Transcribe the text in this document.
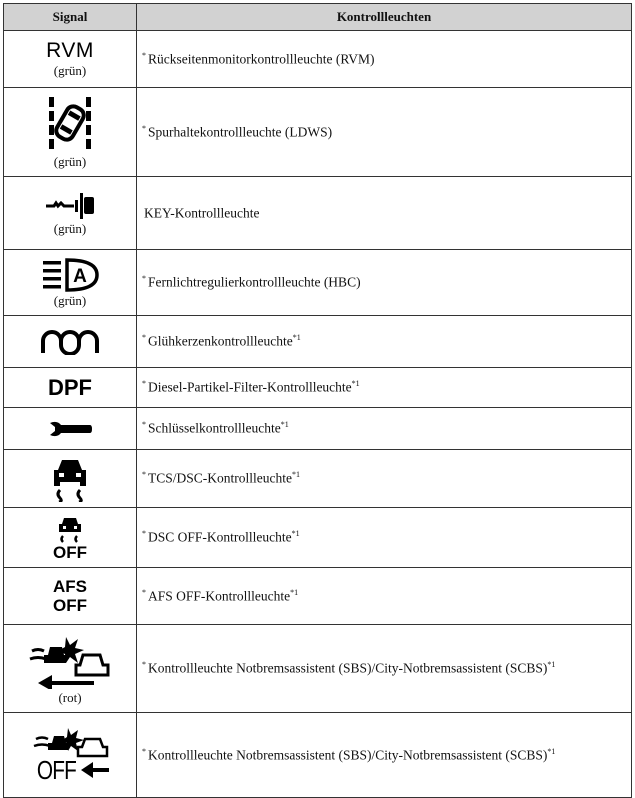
Signal	Kontrollleuchten

RVM
(grün)	* Rückseitenmonitorkontrollleuchte (RVM)

(grün)	* Spurhaltekontrollleuchte (LDWS)

(grün)	KEY-Kontrollleuchte

A
(grün)	* Fernlichtregulierkontrollleuchte (HBC)

	* Glühkerzenkontrollleuchte$^{*1}$

DPF	* Diesel-Partikel-Filter-Kontrollleuchte$^{*1}$

	* Schlüsselkontrollleuchte$^{*1}$

	* TCS/DSC-Kontrollleuchte$^{*1}$

OFF	* DSC OFF-Kontrollleuchte$^{*1}$

AFS
OFF	* AFS OFF-Kontrollleuchte$^{*1}$

(rot)	* Kontrollleuchte Notbremsassistent (SBS)/City-Notbremsassistent (SCBS)$^{*1}$

OFF	* Kontrollleuchte Notbremsassistent (SBS)/City-Notbremsassistent (SCBS)$^{*1}$
